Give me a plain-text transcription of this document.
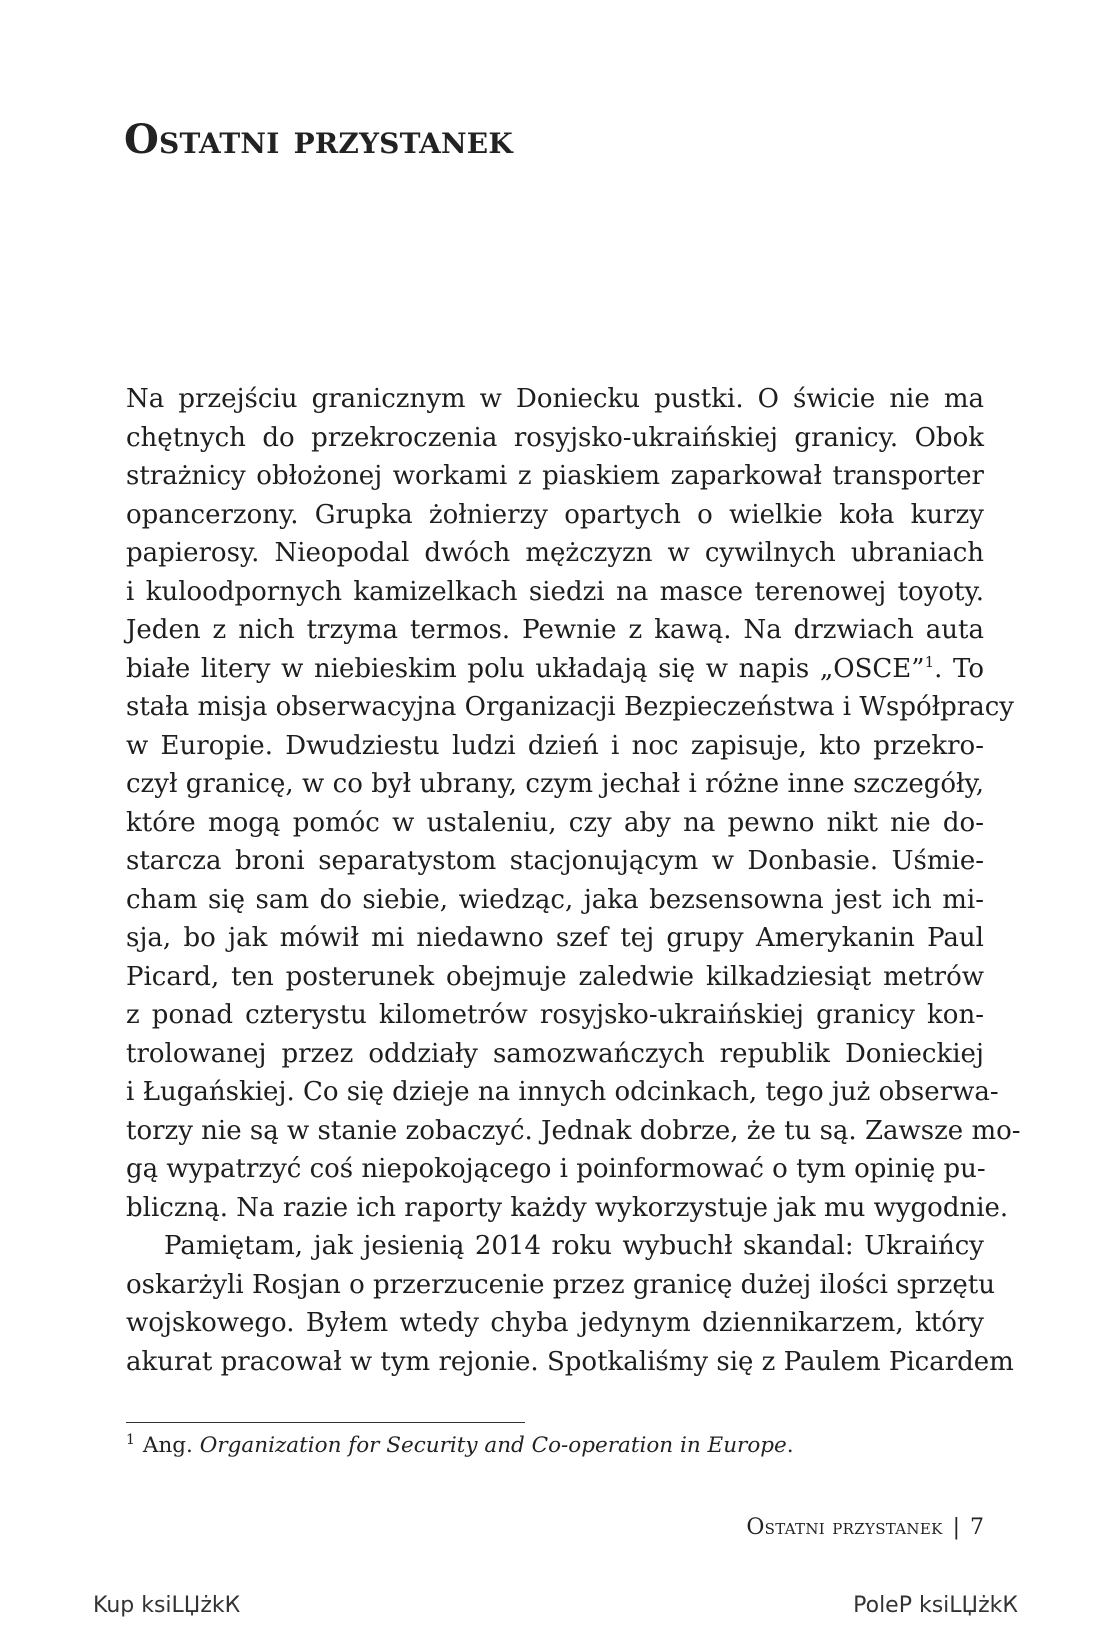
Ostatni przystanek
Na przejściu granicznym w Doniecku pustki. O świcie nie ma
chętnych do przekroczenia rosyjsko-ukraińskiej granicy. Obok
strażnicy obłożonej workami z piaskiem zaparkował transporter
opancerzony. Grupka żołnierzy opartych o wielkie koła kurzy
papierosy. Nieopodal dwóch mężczyzn w cywilnych ubraniach
i kuloodpornych kamizelkach siedzi na masce terenowej toyoty.
Jeden z nich trzyma termos. Pewnie z kawą. Na drzwiach auta
białe litery w niebieskim polu układają się w napis „OSCE”$^1$. To
stała misja obserwacyjna Organizacji Bezpieczeństwa i Współpracy
w Europie. Dwudziestu ludzi dzień i noc zapisuje, kto przekro-
czył granicę, w co był ubrany, czym jechał i różne inne szczegóły,
które mogą pomóc w ustaleniu, czy aby na pewno nikt nie do-
starcza broni separatystom stacjonującym w Donbasie. Uśmie-
cham się sam do siebie, wiedząc, jaka bezsensowna jest ich mi-
sja, bo jak mówił mi niedawno szef tej grupy Amerykanin Paul
Picard, ten posterunek obejmuje zaledwie kilkadziesiąt metrów
z ponad czterystu kilometrów rosyjsko-ukraińskiej granicy kon-
trolowanej przez oddziały samozwańczych republik Donieckiej
i Ługańskiej. Co się dzieje na innych odcinkach, tego już obserwa-
torzy nie są w stanie zobaczyć. Jednak dobrze, że tu są. Zawsze mo-
gą wypatrzyć coś niepokojącego i poinformować o tym opinię pu-
bliczną. Na razie ich raporty każdy wykorzystuje jak mu wygodnie.
Pamiętam, jak jesienią 2014 roku wybuchł skandal: Ukraińcy
oskarżyli Rosjan o przerzucenie przez granicę dużej ilości sprzętu
wojskowego. Byłem wtedy chyba jedynym dziennikarzem, który
akurat pracował w tym rejonie. Spotkaliśmy się z Paulem Picardem
$^1$ Ang. Organization for Security and Co-operation in Europe.
Ostatni przystanek | 7
Kup ksiLЏżkК	PoleР ksiLЏżkК
